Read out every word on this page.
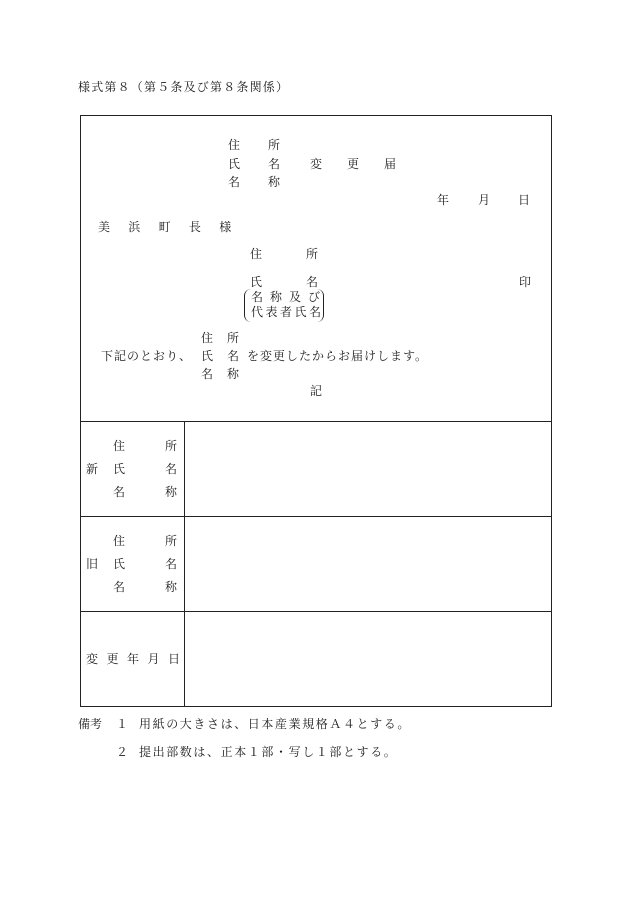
様式第８（第５条及び第８条関係）
住所
氏名
名称
変更届
年 月 日
美浜町長様
住所
氏名	印
名称及び
代表者氏名
住所
下記のとおり、 氏名
を変更したからお届けします。
名称
記
住所
新 氏名
名称
住所
旧 氏名
名称
変更年月日
備考 １ 用紙の大きさは、日本産業規格Ａ４とする。
２ 提出部数は、正本１部・写し１部とする。
